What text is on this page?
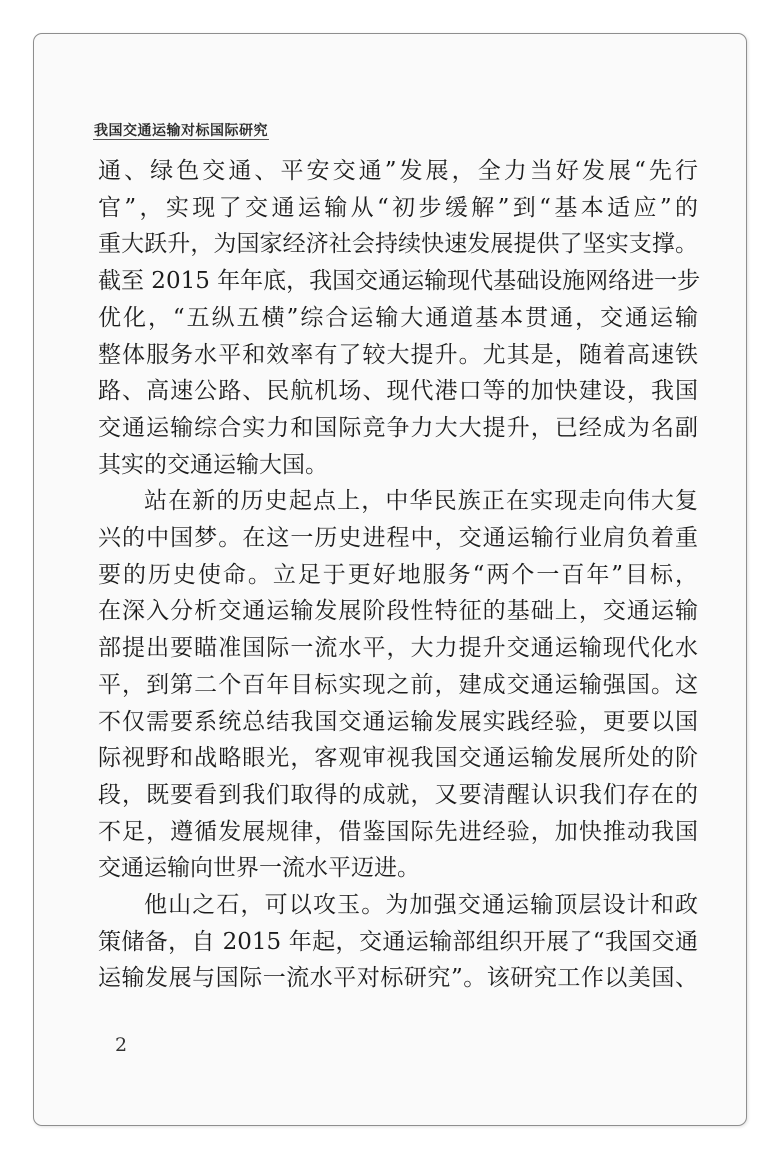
我国交通运输对标国际研究
通、绿色交通、平安交通”发展，全力当好发展“先行
官”，实现了交通运输从“初步缓解”到“基本适应”的
重大跃升，为国家经济社会持续快速发展提供了坚实支撑。
截至 2015 年年底，我国交通运输现代基础设施网络进一步
优化，“五纵五横”综合运输大通道基本贯通，交通运输
整体服务水平和效率有了较大提升。尤其是，随着高速铁
路、高速公路、民航机场、现代港口等的加快建设，我国
交通运输综合实力和国际竞争力大大提升，已经成为名副
其实的交通运输大国。
站在新的历史起点上，中华民族正在实现走向伟大复
兴的中国梦。在这一历史进程中，交通运输行业肩负着重
要的历史使命。立足于更好地服务“两个一百年”目标，
在深入分析交通运输发展阶段性特征的基础上，交通运输
部提出要瞄准国际一流水平，大力提升交通运输现代化水
平，到第二个百年目标实现之前，建成交通运输强国。这
不仅需要系统总结我国交通运输发展实践经验，更要以国
际视野和战略眼光，客观审视我国交通运输发展所处的阶
段，既要看到我们取得的成就，又要清醒认识我们存在的
不足，遵循发展规律，借鉴国际先进经验，加快推动我国
交通运输向世界一流水平迈进。
他山之石，可以攻玉。为加强交通运输顶层设计和政
策储备，自 2015 年起，交通运输部组织开展了“我国交通
运输发展与国际一流水平对标研究”。该研究工作以美国、
2
